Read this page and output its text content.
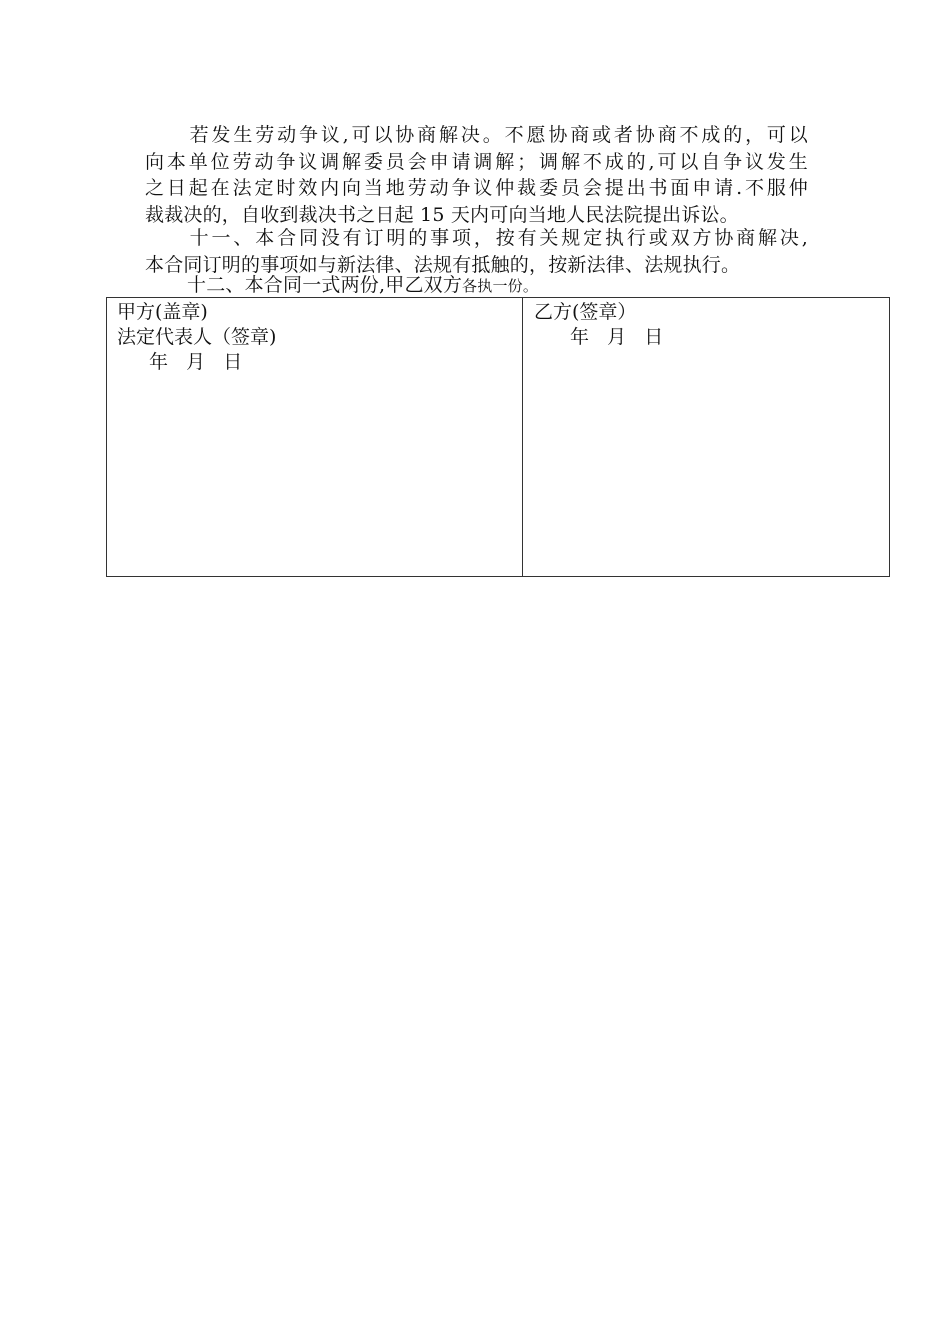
若发生劳动争议,可以协商解决。不愿协商或者协商不成的，可以
向本单位劳动争议调解委员会申请调解；调解不成的,可以自争议发生
之日起在法定时效内向当地劳动争议仲裁委员会提出书面申请.不服仲
裁裁决的，自收到裁决书之日起 15 天内可向当地人民法院提出诉讼。
十一、本合同没有订明的事项，按有关规定执行或双方协商解决,
本合同订明的事项如与新法律、法规有抵触的，按新法律、法规执行。
十二、本合同一式两份,甲乙双方各执一份。
甲方(盖章)
法定代表人（签章)
年   月   日
乙方(签章）
年   月   日
